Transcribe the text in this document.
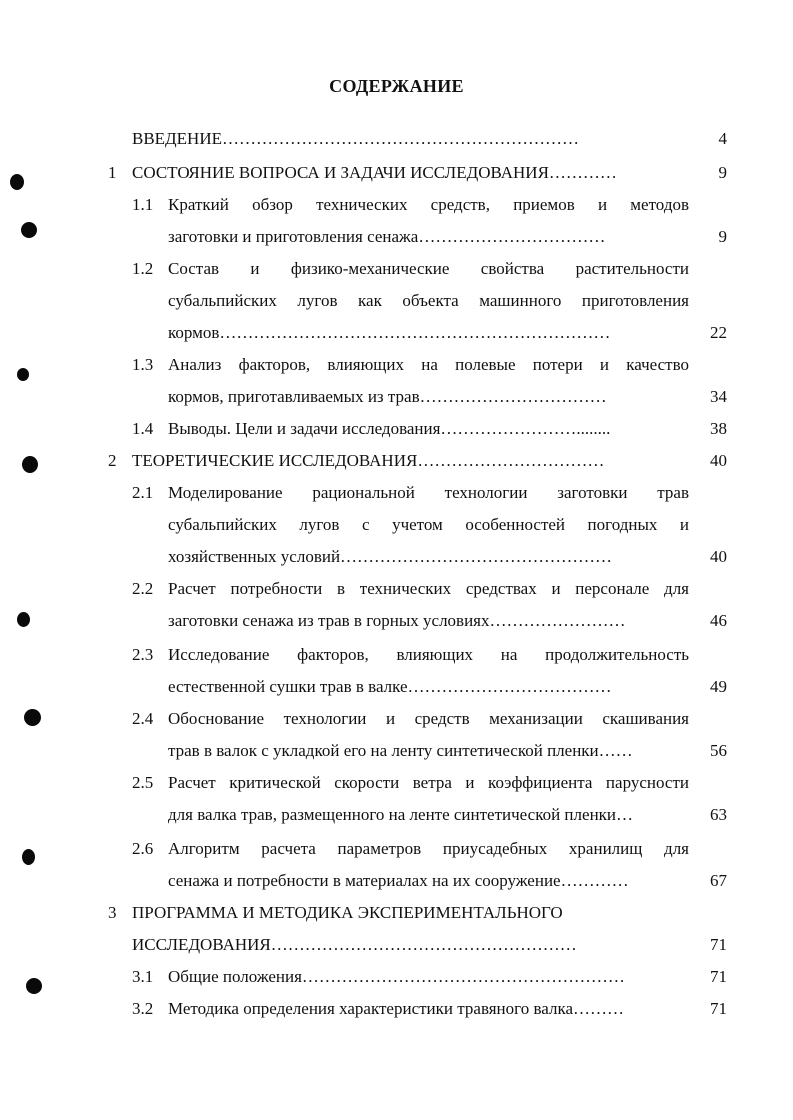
СОДЕРЖАНИЕ
ВВЕДЕНИЕ………………………………………………………	4
1 СОСТОЯНИЕ ВОПРОСА И ЗАДАЧИ ИССЛЕДОВАНИЯ…………	9
1.1 Краткий обзор технических средств, приемов и методов
заготовки и приготовления сенажа……………………………	9
1.2 Состав и физико-механические свойства растительности
субальпийских лугов как объекта машинного приготовления
кормов……………………………………………………………	22
1.3 Анализ факторов, влияющих на полевые потери и качество
кормов, приготавливаемых из трав……………………………	34
1.4 Выводы. Цели и задачи исследования……………………........	38
2 ТЕОРЕТИЧЕСКИЕ ИССЛЕДОВАНИЯ……………………………	40
2.1 Моделирование рациональной технологии заготовки трав
субальпийских лугов с учетом особенностей погодных и
хозяйственных условий…………………………………………	40
2.2 Расчет потребности в технических средствах и персонале для
заготовки сенажа из трав в горных условиях……………………	46
2.3 Исследование факторов, влияющих на продолжительность
естественной сушки трав в валке………………………………	49
2.4 Обоснование технологии и средств механизации скашивания
трав в валок с укладкой его на ленту синтетической пленки……	56
2.5 Расчет критической скорости ветра и коэффициента парусности
для валка трав, размещенного на ленте синтетической пленки…	63
2.6 Алгоритм расчета параметров приусадебных хранилищ для
сенажа и потребности в материалах на их сооружение…………	67
3 ПРОГРАММА И МЕТОДИКА ЭКСПЕРИМЕНТАЛЬНОГО
ИССЛЕДОВАНИЯ………………………………………………	71
3.1 Общие положения…………………………………………………	71
3.2 Методика определения характеристики травяного валка………	71
